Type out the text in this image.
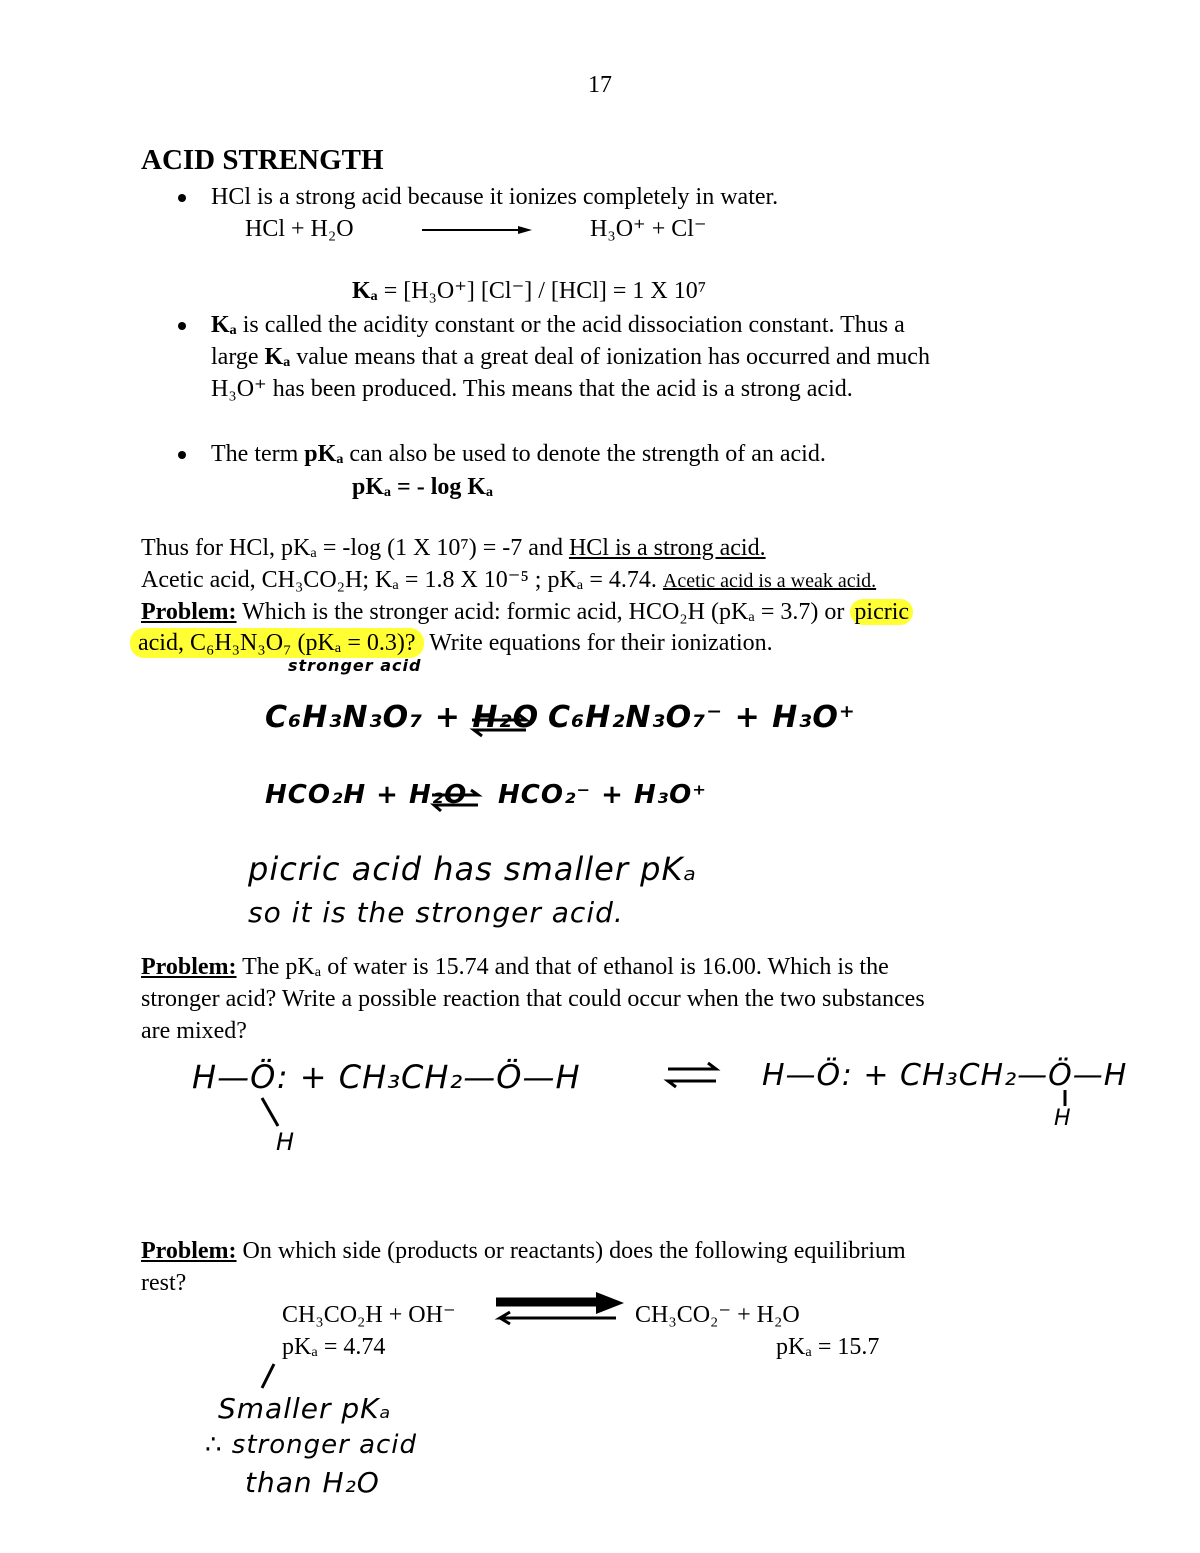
17
ACID STRENGTH
HCl is a strong acid because it ionizes completely in water.
HCl + H₂O	H₃O⁺ + Cl⁻
Kₐ = [H₃O⁺] [Cl⁻] / [HCl] = 1 X 10⁷
Kₐ is called the acidity constant or the acid dissociation constant. Thus a
large Kₐ value means that a great deal of ionization has occurred and much
H₃O⁺ has been produced. This means that the acid is a strong acid.
The term pKₐ can also be used to denote the strength of an acid.
pKₐ = - log Kₐ
Thus for HCl, pKₐ = -log (1 X 10⁷) = -7 and HCl is a strong acid.
Acetic acid, CH₃CO₂H; Kₐ = 1.8 X 10⁻⁵ ; pKₐ = 4.74. Acetic acid is a weak acid.
Problem: Which is the stronger acid: formic acid, HCO₂H (pKₐ = 3.7) or picric
acid, C₆H₃N₃O₇ (pKₐ = 0.3)? Write equations for their ionization.
stronger acid
C₆H₃N₃O₇ + H₂O ⇌ C₆H₂N₃O₇⁻ + H₃O⁺
HCO₂H + H₂O ⇌ HCO₂⁻ + H₃O⁺
picric acid has smaller pKₐ
so it is the stronger acid.
Problem: The pKₐ of water is 15.74 and that of ethanol is 16.00. Which is the
stronger acid? Write a possible reaction that could occur when the two substances
are mixed?
H—Ö: + CH₃CH₂—Ö—H
H
H—Ö: + CH₃CH₂—Ö—H
H
Problem: On which side (products or reactants) does the following equilibrium
rest?
CH₃CO₂H + OH⁻	CH₃CO₂⁻ + H₂O
pKₐ = 4.74	pKₐ = 15.7
Smaller pKₐ
∴ stronger acid
than H₂O
